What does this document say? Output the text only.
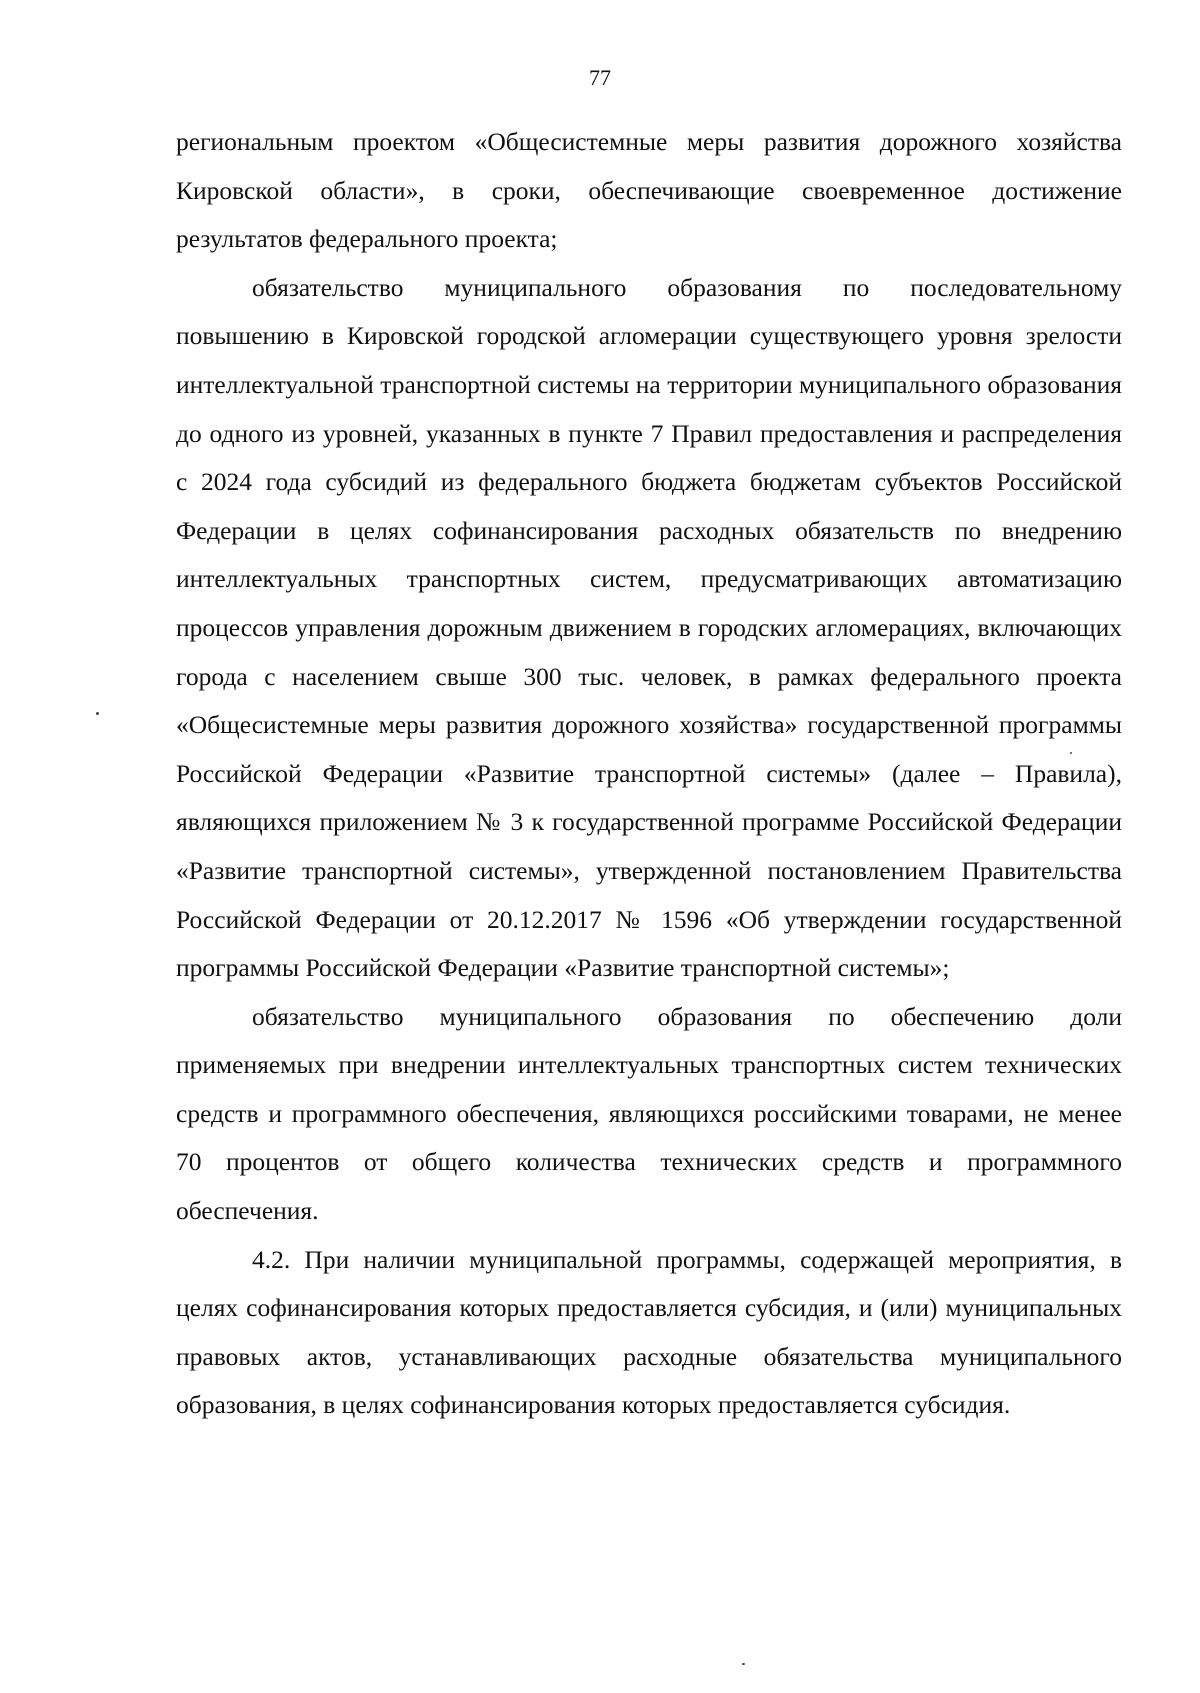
77

региональным проектом «Общесистемные меры развития дорожного хозяйства Кировской области», в сроки, обеспечивающие своевременное достижение результатов федерального проекта;

обязательство муниципального образования по последовательному повышению в Кировской городской агломерации существующего уровня зрелости интеллектуальной транспортной системы на территории муниципального образования до одного из уровней, указанных в пункте 7 Правил предоставления и распределения с 2024 года субсидий из федерального бюджета бюджетам субъектов Российской Федерации в целях софинансирования расходных обязательств по внедрению интеллектуальных транспортных систем, предусматривающих автоматизацию процессов управления дорожным движением в городских агломерациях, включающих города с населением свыше 300 тыс. человек, в рамках федерального проекта «Общесистемные меры развития дорожного хозяйства» государственной программы Российской Федерации «Развитие транспортной системы» (далее – Правила), являющихся приложением № 3 к государственной программе Российской Федерации «Развитие транспортной системы», утвержденной постановлением Правительства Российской Федерации от 20.12.2017 № 1596 «Об утверждении государственной программы Российской Федерации «Развитие транспортной системы»;

обязательство муниципального образования по обеспечению доли применяемых при внедрении интеллектуальных транспортных систем технических средств и программного обеспечения, являющихся российскими товарами, не менее 70 процентов от общего количества технических средств и программного обеспечения.

4.2. При наличии муниципальной программы, содержащей мероприятия, в целях софинансирования которых предоставляется субсидия, и (или) муниципальных правовых актов, устанавливающих расходные обязательства муниципального образования, в целях софинансирования которых предоставляется субсидия.
